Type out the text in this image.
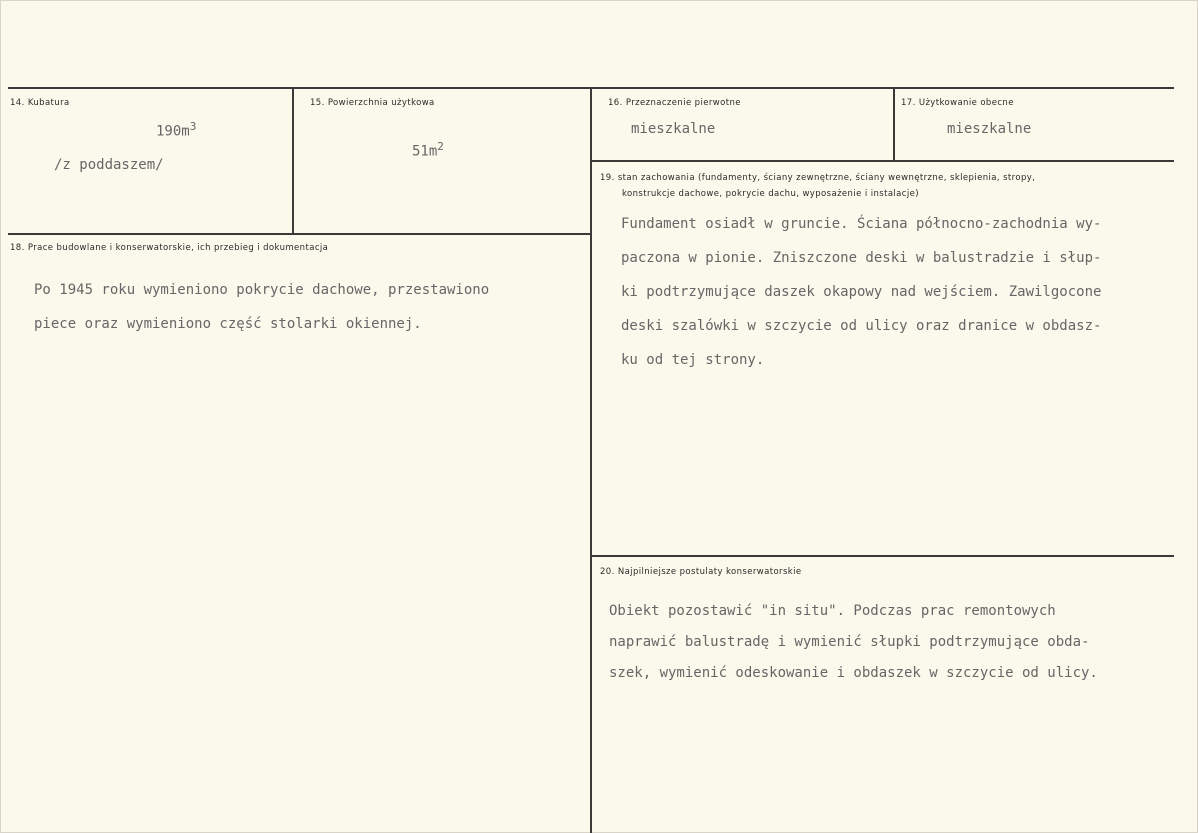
14. Kubatura
$190m^3$
/z poddaszem/
15. Powierzchnia użytkowa
$51m^2$
16. Przeznaczenie pierwotne
mieszkalne
17. Użytkowanie obecne
mieszkalne
18. Prace budowlane i konserwatorskie, ich przebieg i dokumentacja
Po 1945 roku wymieniono pokrycie dachowe, przestawiono
piece oraz wymieniono część stolarki okiennej.
19. stan zachowania (fundamenty, ściany zewnętrzne, ściany wewnętrzne, sklepienia, stropy,
konstrukcje dachowe, pokrycie dachu, wyposażenie i instalacje)
Fundament osiadł w gruncie. Ściana północno-zachodnia wy-
paczona w pionie. Zniszczone deski w balustradzie i słup-
ki podtrzymujące daszek okapowy nad wejściem. Zawilgocone
deski szalówki w szczycie od ulicy oraz dranice w obdasz-
ku od tej strony.
20. Najpilniejsze postulaty konserwatorskie
Obiekt pozostawić "in situ". Podczas prac remontowych
naprawić balustradę i wymienić słupki podtrzymujące obda-
szek, wymienić odeskowanie i obdaszek w szczycie od ulicy.
